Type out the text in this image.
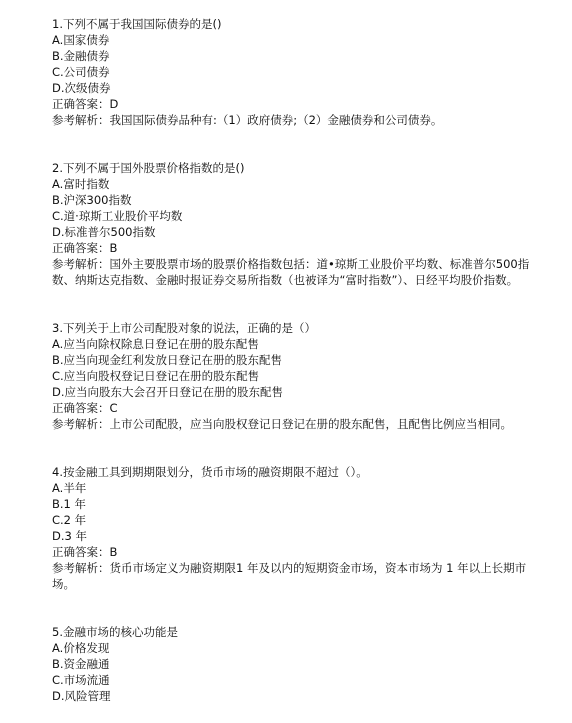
1.下列不属于我国国际债券的是()
A.国家债券
B.金融债券
C.公司债券
D.次级债券
正确答案：D
参考解析：我国国际债券品种有:（1）政府债券;（2）金融债券和公司债券。
2.下列不属于国外股票价格指数的是()
A.富时指数
B.沪深300指数
C.道·琼斯工业股价平均数
D.标准普尔500指数
正确答案：B
参考解析：国外主要股票市场的股票价格指数包括：道•琼斯工业股价平均数、标准普尔500指数、纳斯达克指数、金融时报证券交易所指数（也被译为“富时指数”）、日经平均股价指数。
3.下列关于上市公司配股对象的说法，正确的是（）
A.应当向除权除息日登记在册的股东配售
B.应当向现金红利发放日登记在册的股东配售
C.应当向股权登记日登记在册的股东配售
D.应当向股东大会召开日登记在册的股东配售
正确答案：C
参考解析：上市公司配股，应当向股权登记日登记在册的股东配售，且配售比例应当相同。
4.按金融工具到期期限划分，货币市场的融资期限不超过（）。
A.半年
B.1 年
C.2 年
D.3 年
正确答案：B
参考解析：货币市场定义为融资期限1 年及以内的短期资金市场，资本市场为 1 年以上长期市场。
5.金融市场的核心功能是
A.价格发现
B.资金融通
C.市场流通
D.风险管理
